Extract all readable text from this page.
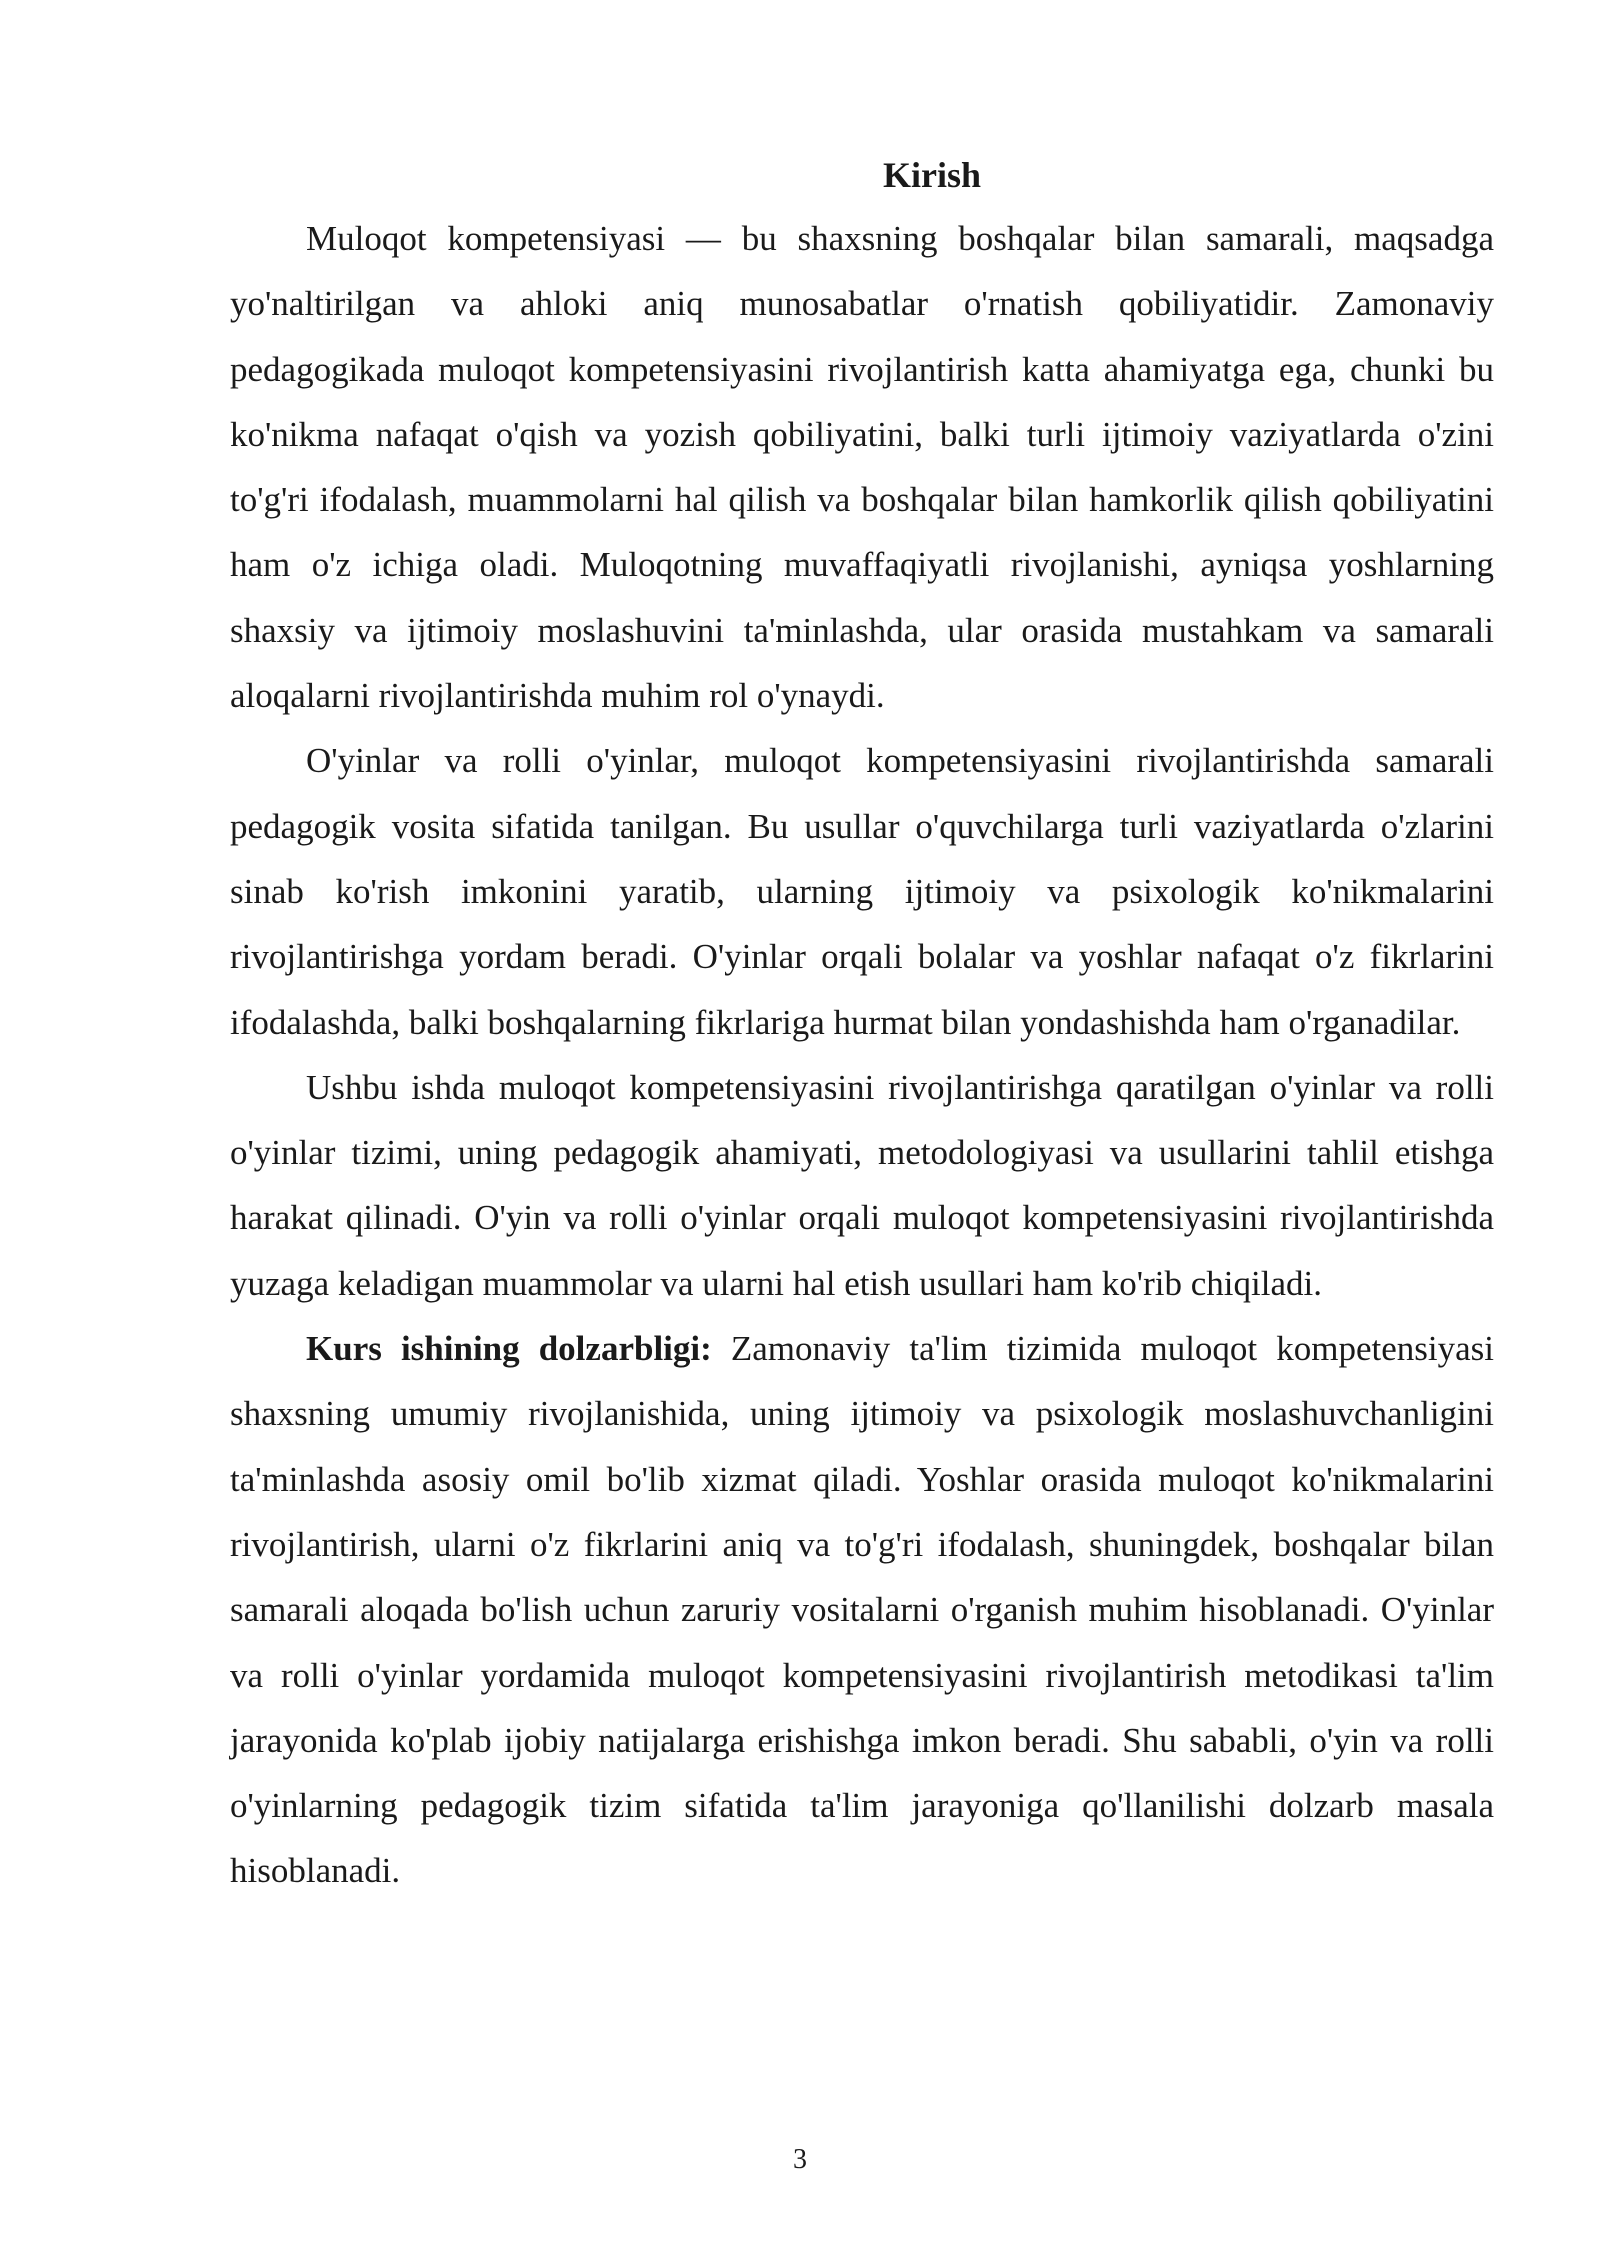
Kirish

Muloqot kompetensiyasi — bu shaxsning boshqalar bilan samarali, maqsadga yo'naltirilgan va ahloki aniq munosabatlar o'rnatish qobiliyatidir. Zamonaviy pedagogikada muloqot kompetensiyasini rivojlantirish katta ahamiyatga ega, chunki bu ko'nikma nafaqat o'qish va yozish qobiliyatini, balki turli ijtimoiy vaziyatlarda o'zini to'g'ri ifodalash, muammolarni hal qilish va boshqalar bilan hamkorlik qilish qobiliyatini ham o'z ichiga oladi. Muloqotning muvaffaqiyatli rivojlanishi, ayniqsa yoshlarning shaxsiy va ijtimoiy moslashuvini ta'minlashda, ular orasida mustahkam va samarali aloqalarni rivojlantirishda muhim rol o'ynaydi.

O'yinlar va rolli o'yinlar, muloqot kompetensiyasini rivojlantirishda samarali pedagogik vosita sifatida tanilgan. Bu usullar o'quvchilarga turli vaziyatlarda o'zlarini sinab ko'rish imkonini yaratib, ularning ijtimoiy va psixologik ko'nikmalarini rivojlantirishga yordam beradi. O'yinlar orqali bolalar va yoshlar nafaqat o'z fikrlarini ifodalashda, balki boshqalarning fikrlariga hurmat bilan yondashishda ham o'rganadilar.

Ushbu ishda muloqot kompetensiyasini rivojlantirishga qaratilgan o'yinlar va rolli o'yinlar tizimi, uning pedagogik ahamiyati, metodologiyasi va usullarini tahlil etishga harakat qilinadi. O'yin va rolli o'yinlar orqali muloqot kompetensiyasini rivojlantirishda yuzaga keladigan muammolar va ularni hal etish usullari ham ko'rib chiqiladi.

Kurs ishining dolzarbligi: Zamonaviy ta'lim tizimida muloqot kompetensiyasi shaxsning umumiy rivojlanishida, uning ijtimoiy va psixologik moslashuvchanligini ta'minlashda asosiy omil bo'lib xizmat qiladi. Yoshlar orasida muloqot ko'nikmalarini rivojlantirish, ularni o'z fikrlarini aniq va to'g'ri ifodalash, shuningdek, boshqalar bilan samarali aloqada bo'lish uchun zaruriy vositalarni o'rganish muhim hisoblanadi. O'yinlar va rolli o'yinlar yordamida muloqot kompetensiyasini rivojlantirish metodikasi ta'lim jarayonida ko'plab ijobiy natijalarga erishishga imkon beradi. Shu sababli, o'yin va rolli o'yinlarning pedagogik tizim sifatida ta'lim jarayoniga qo'llanilishi dolzarb masala hisoblanadi.

3
